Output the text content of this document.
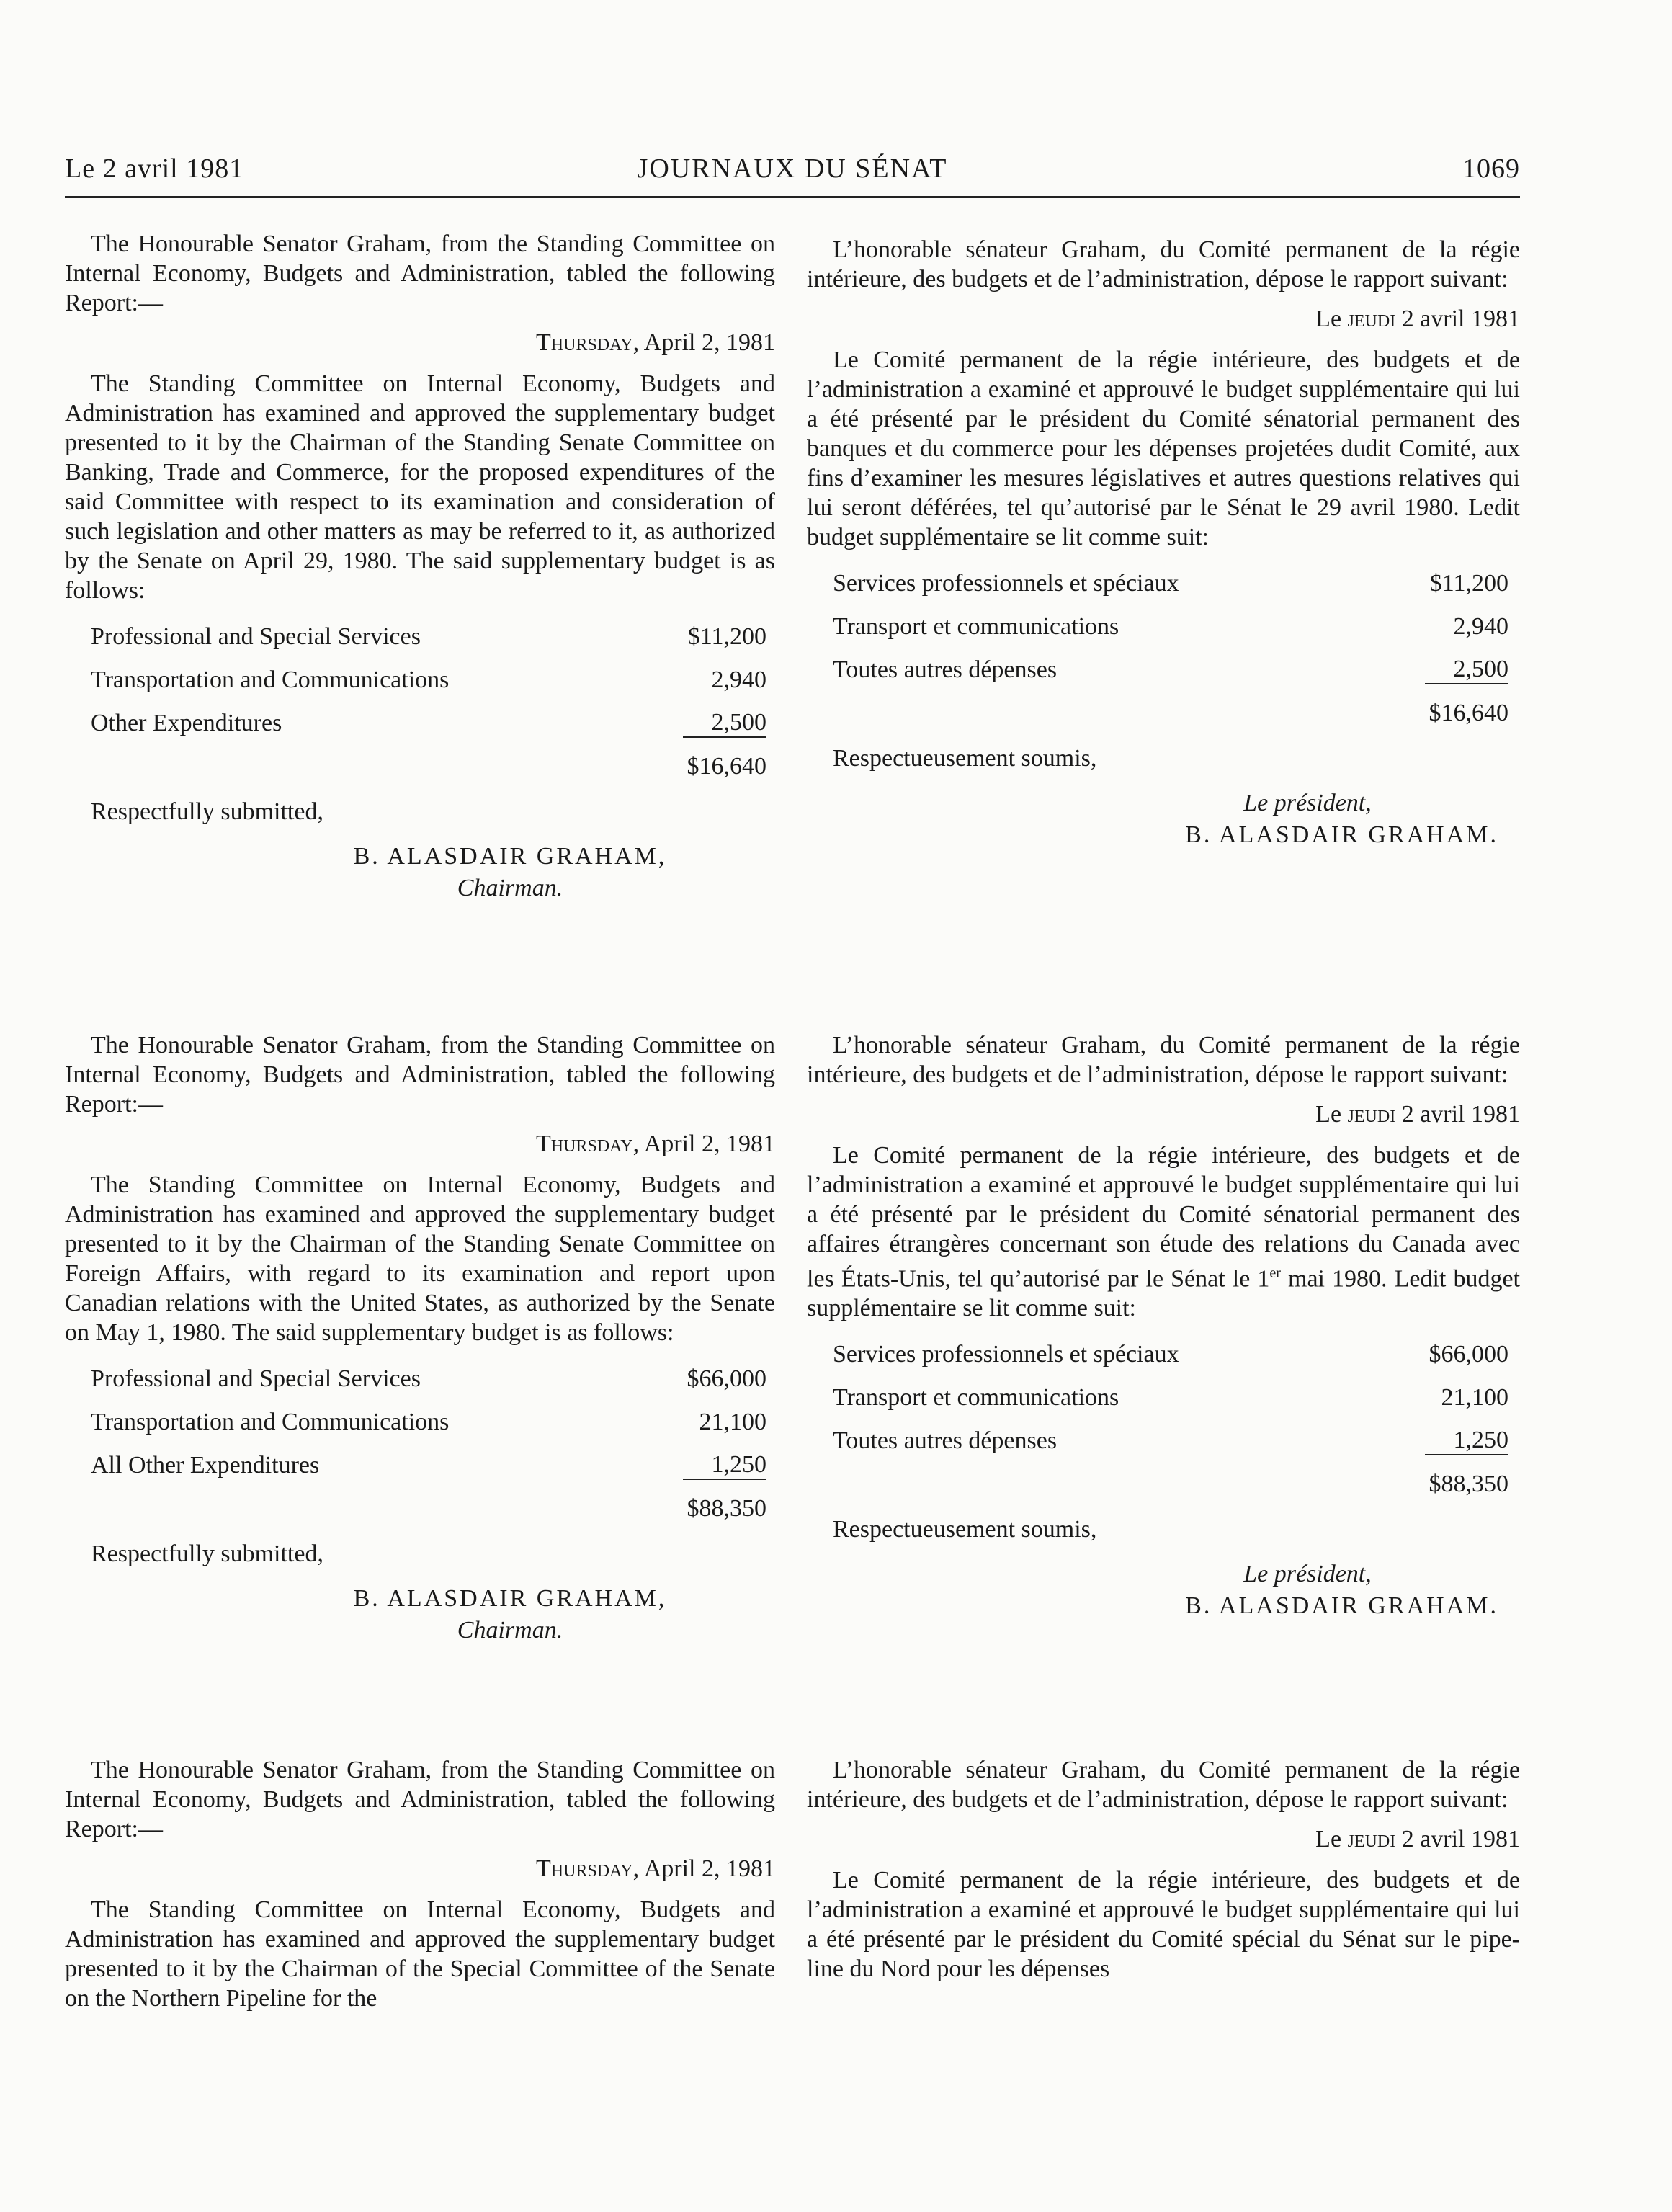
Le 2 avril 1981	JOURNAUX DU SÉNAT	1069

The Honourable Senator Graham, from the Standing Committee on Internal Economy, Budgets and Administration, tabled the following Report:—

Thursday, April 2, 1981

The Standing Committee on Internal Economy, Budgets and Administration has examined and approved the supplementary budget presented to it by the Chairman of the Standing Senate Committee on Banking, Trade and Commerce, for the proposed expenditures of the said Committee with respect to its examination and consideration of such legislation and other matters as may be referred to it, as authorized by the Senate on April 29, 1980. The said supplementary budget is as follows:

Professional and Special Services	$11,200
Transportation and Communications	2,940
Other Expenditures	2,500
	$16,640
Respectfully submitted,
B. ALASDAIR GRAHAM,
Chairman.

The Honourable Senator Graham, from the Standing Committee on Internal Economy, Budgets and Administration, tabled the following Report:—

Thursday, April 2, 1981

The Standing Committee on Internal Economy, Budgets and Administration has examined and approved the supplementary budget presented to it by the Chairman of the Standing Senate Committee on Foreign Affairs, with regard to its examination and report upon Canadian relations with the United States, as authorized by the Senate on May 1, 1980. The said supplementary budget is as follows:

Professional and Special Services	$66,000
Transportation and Communications	21,100
All Other Expenditures	1,250
	$88,350
Respectfully submitted,
B. ALASDAIR GRAHAM,
Chairman.

The Honourable Senator Graham, from the Standing Committee on Internal Economy, Budgets and Administration, tabled the following Report:—

Thursday, April 2, 1981

The Standing Committee on Internal Economy, Budgets and Administration has examined and approved the supplementary budget presented to it by the Chairman of the Special Committee of the Senate on the Northern Pipeline for the

L’honorable sénateur Graham, du Comité permanent de la régie intérieure, des budgets et de l’administration, dépose le rapport suivant:

Le jeudi 2 avril 1981

Le Comité permanent de la régie intérieure, des budgets et de l’administration a examiné et approuvé le budget supplémentaire qui lui a été présenté par le président du Comité sénatorial permanent des banques et du commerce pour les dépenses projetées dudit Comité, aux fins d’examiner les mesures législatives et autres questions relatives qui lui seront déférées, tel qu’autorisé par le Sénat le 29 avril 1980. Ledit budget supplémentaire se lit comme suit:

Services professionnels et spéciaux	$11,200
Transport et communications	2,940
Toutes autres dépenses	2,500
	$16,640
Respectueusement soumis,
Le président,
B. ALASDAIR GRAHAM.

L’honorable sénateur Graham, du Comité permanent de la régie intérieure, des budgets et de l’administration, dépose le rapport suivant:

Le jeudi 2 avril 1981

Le Comité permanent de la régie intérieure, des budgets et de l’administration a examiné et approuvé le budget supplémentaire qui lui a été présenté par le président du Comité sénatorial permanent des affaires étrangères concernant son étude des relations du Canada avec les États-Unis, tel qu’autorisé par le Sénat le 1er mai 1980. Ledit budget supplémentaire se lit comme suit:

Services professionnels et spéciaux	$66,000
Transport et communications	21,100
Toutes autres dépenses	1,250
	$88,350
Respectueusement soumis,
Le président,
B. ALASDAIR GRAHAM.

L’honorable sénateur Graham, du Comité permanent de la régie intérieure, des budgets et de l’administration, dépose le rapport suivant:

Le jeudi 2 avril 1981

Le Comité permanent de la régie intérieure, des budgets et de l’administration a examiné et approuvé le budget supplémentaire qui lui a été présenté par le président du Comité spécial du Sénat sur le pipe-line du Nord pour les dépenses
